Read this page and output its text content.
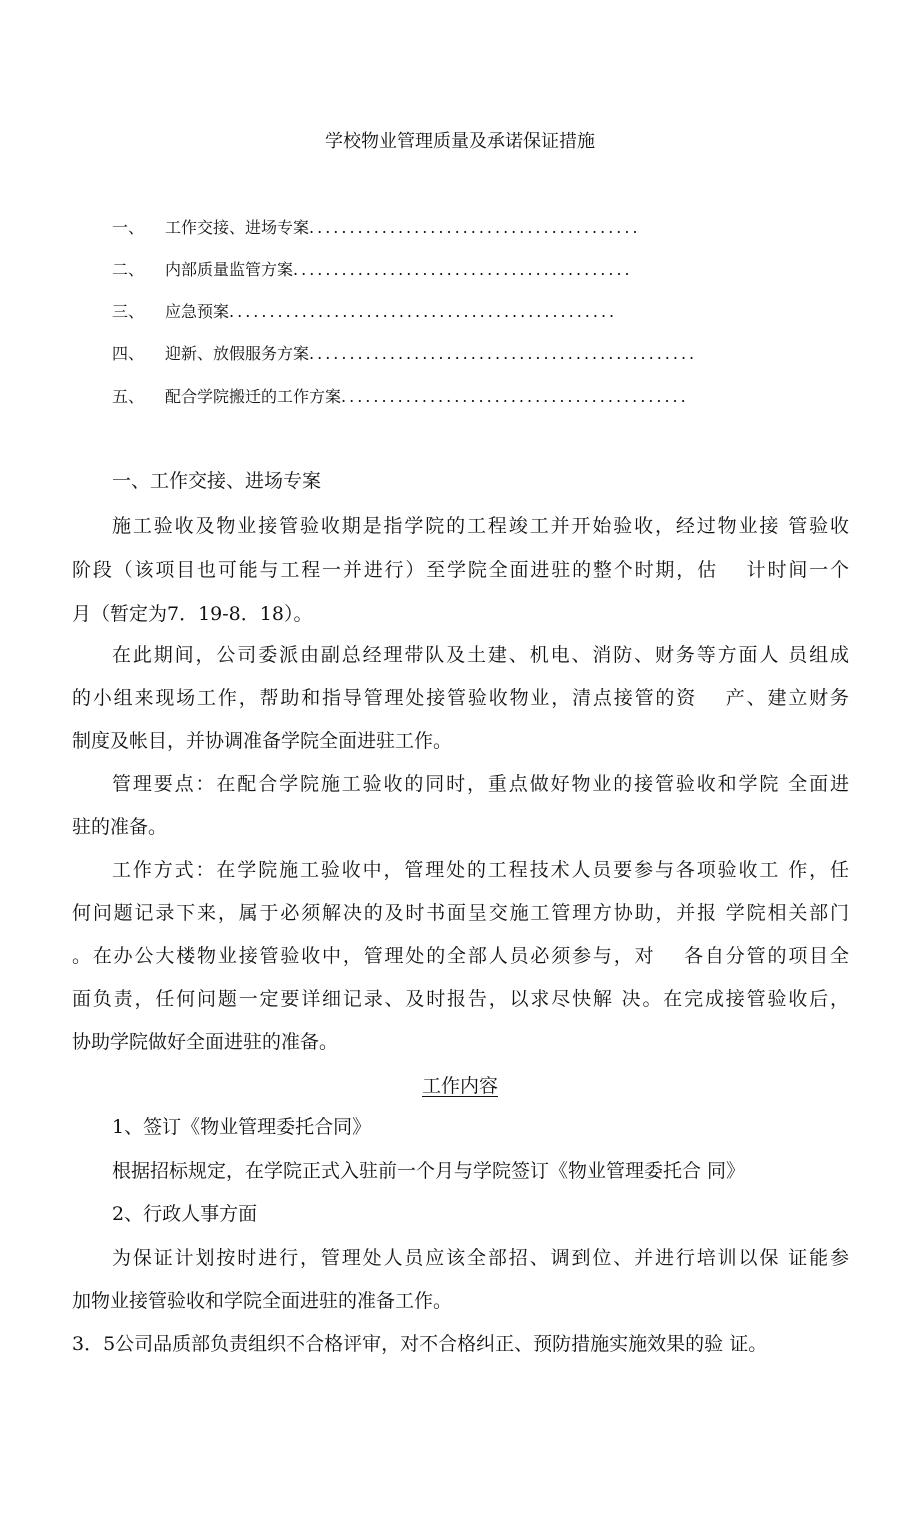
学校物业管理质量及承诺保证措施
一、 工作交接、进场专案.........................................
二、 内部质量监管方案..........................................
三、 应急预案................................................
四、 迎新、放假服务方案................................................
五、 配合学院搬迁的工作方案...........................................
一、工作交接、进场专案
施工验收及物业接管验收期是指学院的工程竣工并开始验收，经过物业接 管验收
阶段（该项目也可能与工程一并进行）至学院全面进驻的整个时期，估　 计时间一个
月（暂定为7．19-8．18）。
在此期间，公司委派由副总经理带队及土建、机电、消防、财务等方面人 员组成
的小组来现场工作，帮助和指导管理处接管验收物业，清点接管的资　 产、建立财务
制度及帐目，并协调准备学院全面进驻工作。
管理要点：在配合学院施工验收的同时，重点做好物业的接管验收和学院 全面进
驻的准备。
工作方式：在学院施工验收中，管理处的工程技术人员要参与各项验收工 作，任
何问题记录下来，属于必须解决的及时书面呈交施工管理方协助，并报 学院相关部门
。在办公大楼物业接管验收中，管理处的全部人员必须参与，对　 各自分管的项目全
面负责，任何问题一定要详细记录、及时报告，以求尽快解 决。在完成接管验收后，
协助学院做好全面进驻的准备。
工作内容
1、签订《物业管理委托合同》
根据招标规定，在学院正式入驻前一个月与学院签订《物业管理委托合 同》
2、行政人事方面
为保证计划按时进行，管理处人员应该全部招、调到位、并进行培训以保 证能参
加物业接管验收和学院全面进驻的准备工作。
3．5公司品质部负责组织不合格评审，对不合格纠正、预防措施实施效果的验 证。
